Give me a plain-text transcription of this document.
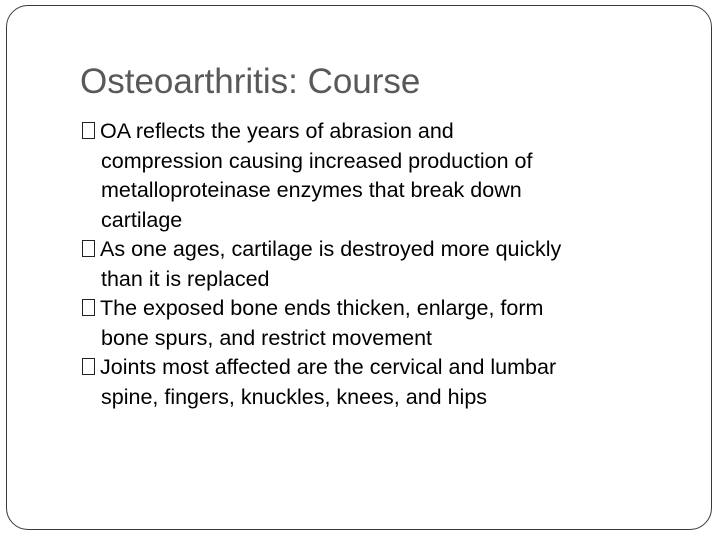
Osteoarthritis: Course
OA reflects the years of abrasion and
compression causing increased production of
metalloproteinase enzymes that break down
cartilage
As one ages, cartilage is destroyed more quickly
than it is replaced
The exposed bone ends thicken, enlarge, form
bone spurs, and restrict movement
Joints most affected are the cervical and lumbar
spine, fingers, knuckles, knees, and hips
